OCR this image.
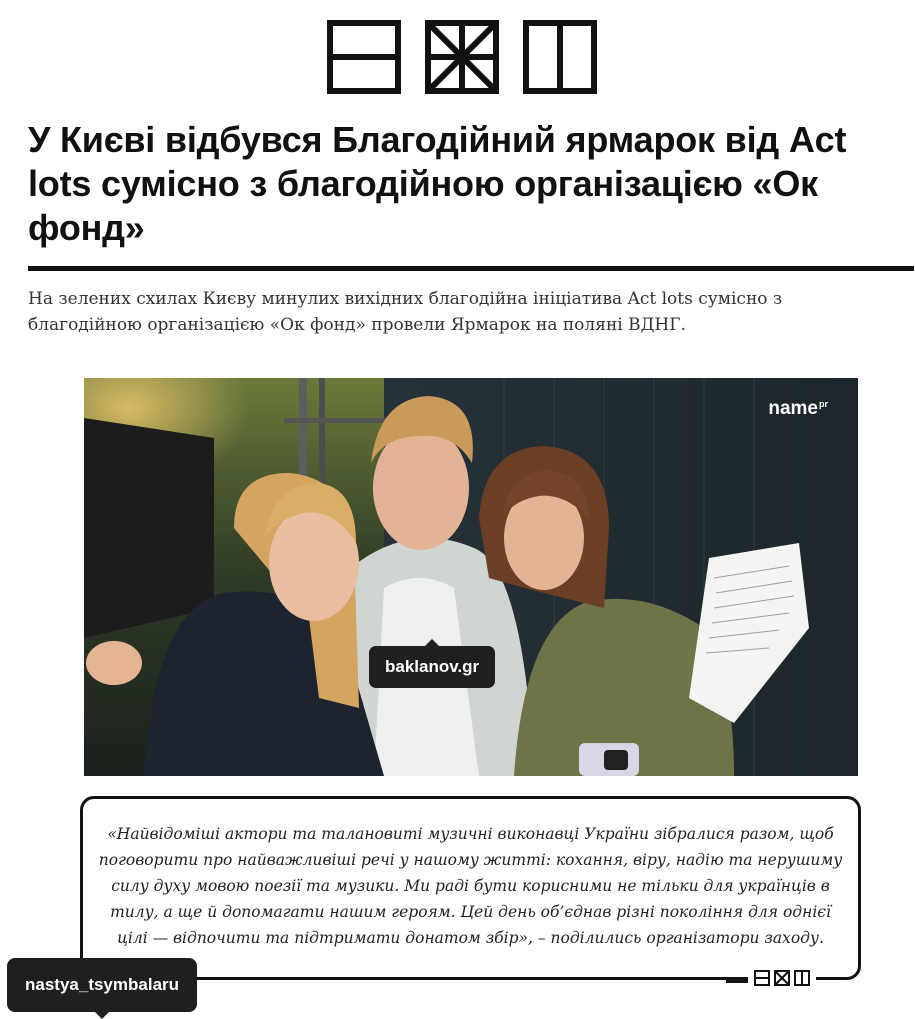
У Києві відбувся Благодійний ярмарок від Act lots сумісно з благодійною організацією «Ок фонд»

На зелених схилах Києву минулих вихідних благодійна ініціатива Act lots сумісно з благодійною організацією «Ок фонд» провели Ярмарок на поляні ВДНГ.

name$^{pr}$
baklanov.gr

«Найвідоміші актори та талановиті музичні виконавці України зібралися разом, щоб поговорити про найважливіші речі у нашому житті: кохання, віру, надію та нерушиму силу духу мовою поезії та музики. Ми раді бути корисними не тільки для українців в тилу, а ще й допомагати нашим героям. Цей день об’єднав різні покоління для однієї цілі — відпочити та підтримати донатом збір», – поділились організатори заходу.

nastya_tsymbalaru
